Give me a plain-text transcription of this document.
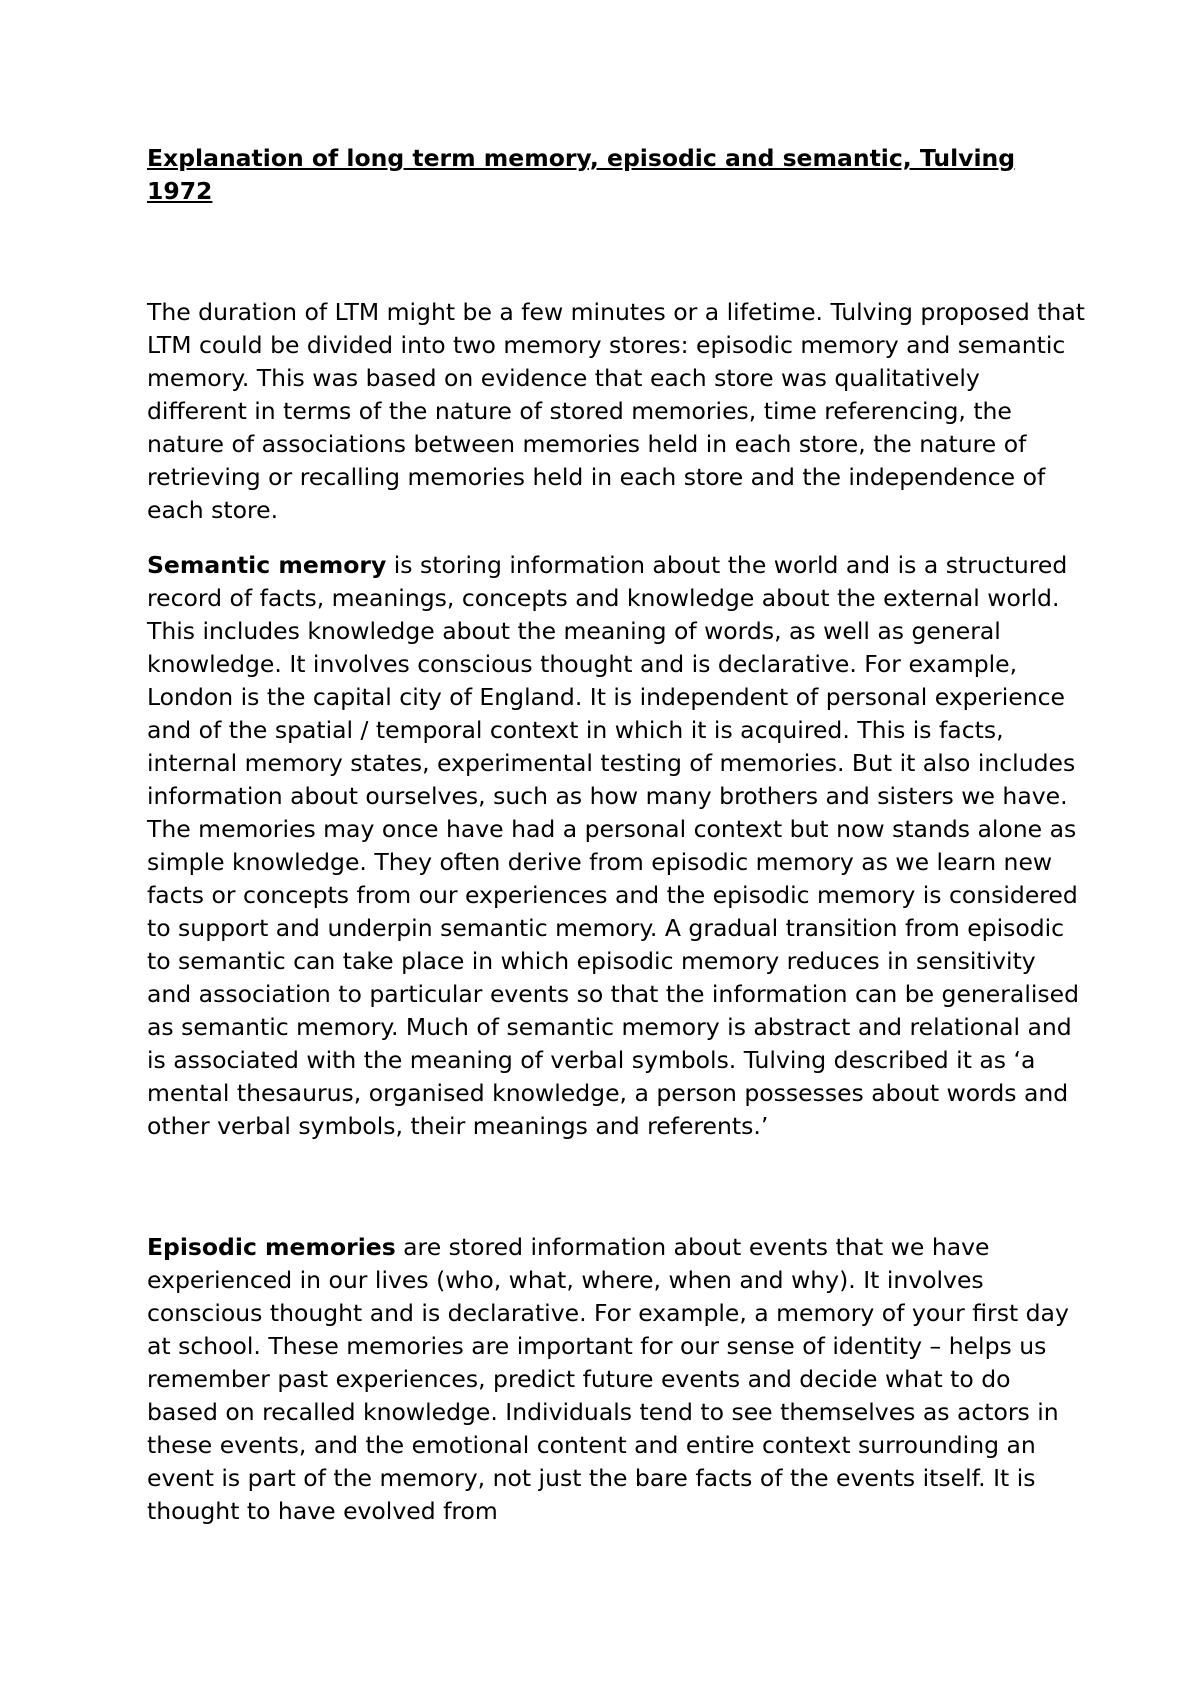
Explanation of long term memory, episodic and semantic, Tulving 1972

The duration of LTM might be a few minutes or a lifetime. Tulving proposed that LTM could be divided into two memory stores: episodic memory and semantic memory. This was based on evidence that each store was qualitatively different in terms of the nature of stored memories, time referencing, the nature of associations between memories held in each store, the nature of retrieving or recalling memories held in each store and the independence of each store.

Semantic memory is storing information about the world and is a structured record of facts, meanings, concepts and knowledge about the external world. This includes knowledge about the meaning of words, as well as general knowledge. It involves conscious thought and is declarative. For example, London is the capital city of England. It is independent of personal experience and of the spatial / temporal context in which it is acquired. This is facts, internal memory states, experimental testing of memories. But it also includes information about ourselves, such as how many brothers and sisters we have. The memories may once have had a personal context but now stands alone as simple knowledge. They often derive from episodic memory as we learn new facts or concepts from our experiences and the episodic memory is considered to support and underpin semantic memory. A gradual transition from episodic to semantic can take place in which episodic memory reduces in sensitivity and association to particular events so that the information can be generalised as semantic memory. Much of semantic memory is abstract and relational and is associated with the meaning of verbal symbols. Tulving described it as ‘a mental thesaurus, organised knowledge, a person possesses about words and other verbal symbols, their meanings and referents.’

Episodic memories are stored information about events that we have experienced in our lives (who, what, where, when and why). It involves conscious thought and is declarative. For example, a memory of your first day at school. These memories are important for our sense of identity – helps us remember past experiences, predict future events and decide what to do based on recalled knowledge. Individuals tend to see themselves as actors in these events, and the emotional content and entire context surrounding an event is part of the memory, not just the bare facts of the events itself. It is thought to have evolved from
